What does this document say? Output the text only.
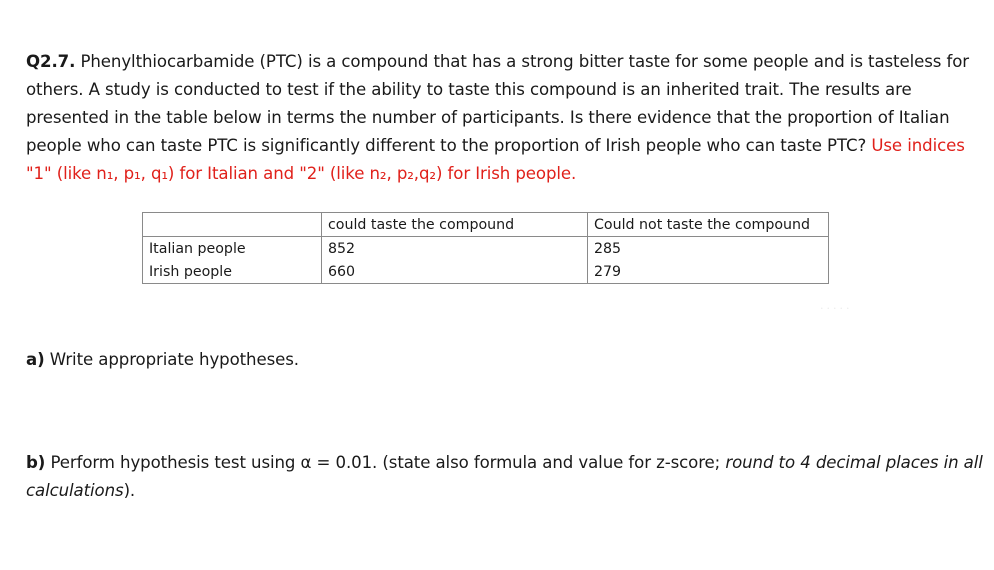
Q2.7. Phenylthiocarbamide (PTC) is a compound that has a strong bitter taste for some people and is tasteless for others. A study is conducted to test if the ability to taste this compound is an inherited trait. The results are presented in the table below in terms the number of participants. Is there evidence that the proportion of Italian people who can taste PTC is significantly different to the proportion of Irish people who can taste PTC? Use indices "1" (like n₁, p₁, q₁) for Italian and "2" (like n₂, p₂,q₂) for Irish people.
	could taste the compound	Could not taste the compound
Italian people	852	285
Irish people	660	279
·····
a) Write appropriate hypotheses.
b) Perform hypothesis test using α = 0.01. (state also formula and value for z-score; round to 4 decimal places in all calculations).
